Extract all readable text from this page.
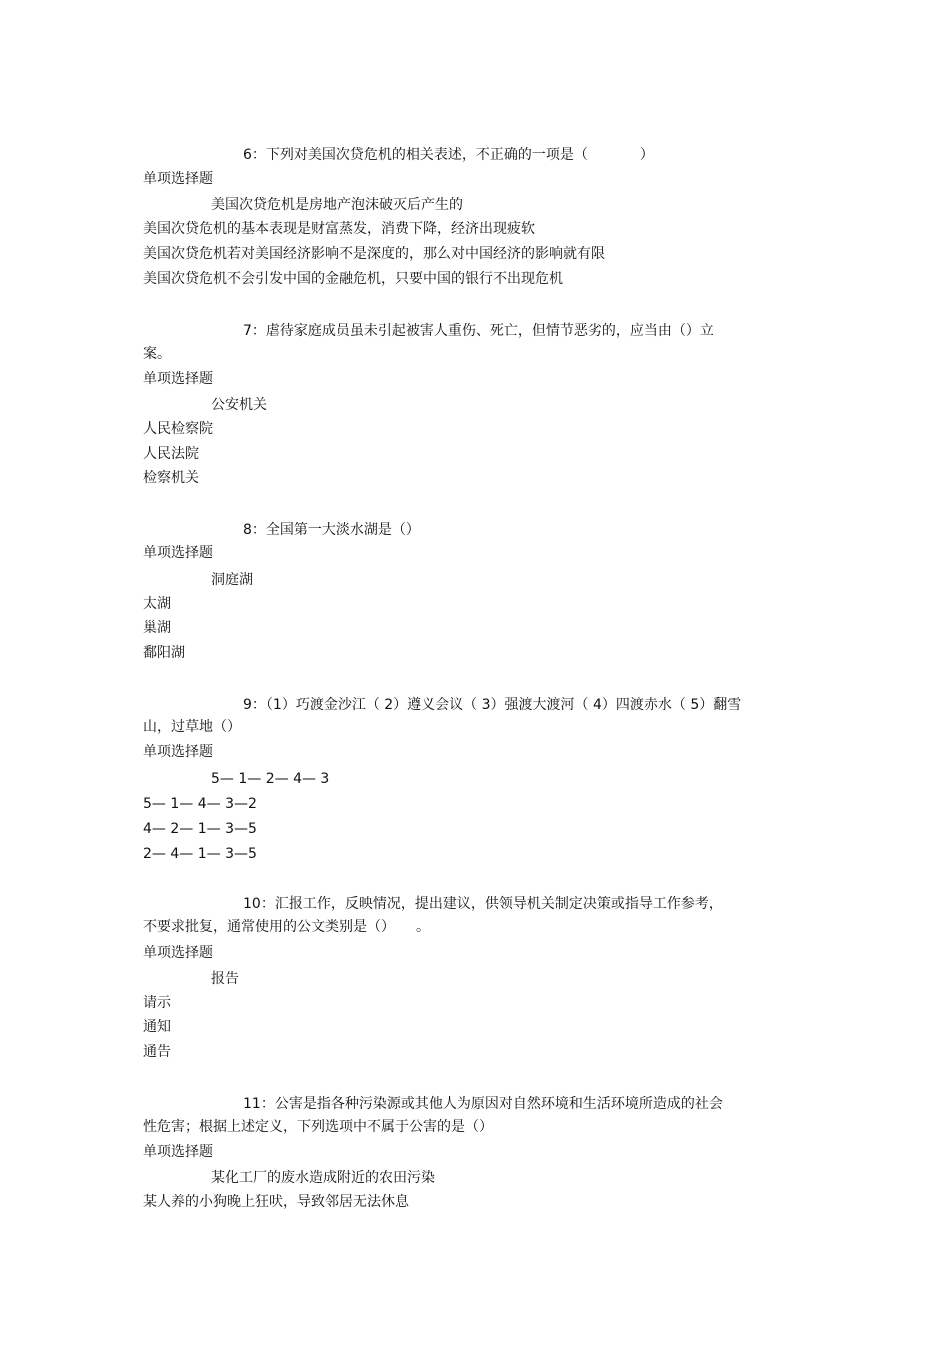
6：下列对美国次贷危机的相关表述，不正确的一项是（	）
单项选择题
美国次贷危机是房地产泡沫破灭后产生的
美国次贷危机的基本表现是财富蒸发，消费下降，经济出现疲软
美国次贷危机若对美国经济影响不是深度的，那么对中国经济的影响就有限
美国次贷危机不会引发中国的金融危机，只要中国的银行不出现危机
7：虐待家庭成员虽未引起被害人重伤、死亡，但情节恶劣的，应当由（）立
案。
单项选择题
公安机关
人民检察院
人民法院
检察机关
8：全国第一大淡水湖是（）
单项选择题
洞庭湖
太湖
巢湖
鄱阳湖
9：（1）巧渡金沙江（ 2）遵义会议（ 3）强渡大渡河（ 4）四渡赤水（ 5）翻雪
山，过草地（）
单项选择题
5— 1— 2— 4— 3
5— 1— 4— 3—2
4— 2— 1— 3—5
2— 4— 1— 3—5
10：汇报工作，反映情况，提出建议，供领导机关制定决策或指导工作参考，
不要求批复，通常使用的公文类别是（）　　。
单项选择题
报告
请示
通知
通告
11：公害是指各种污染源或其他人为原因对自然环境和生活环境所造成的社会
性危害；根据上述定义，下列选项中不属于公害的是（）
单项选择题
某化工厂的废水造成附近的农田污染
某人养的小狗晚上狂吠，导致邻居无法休息
